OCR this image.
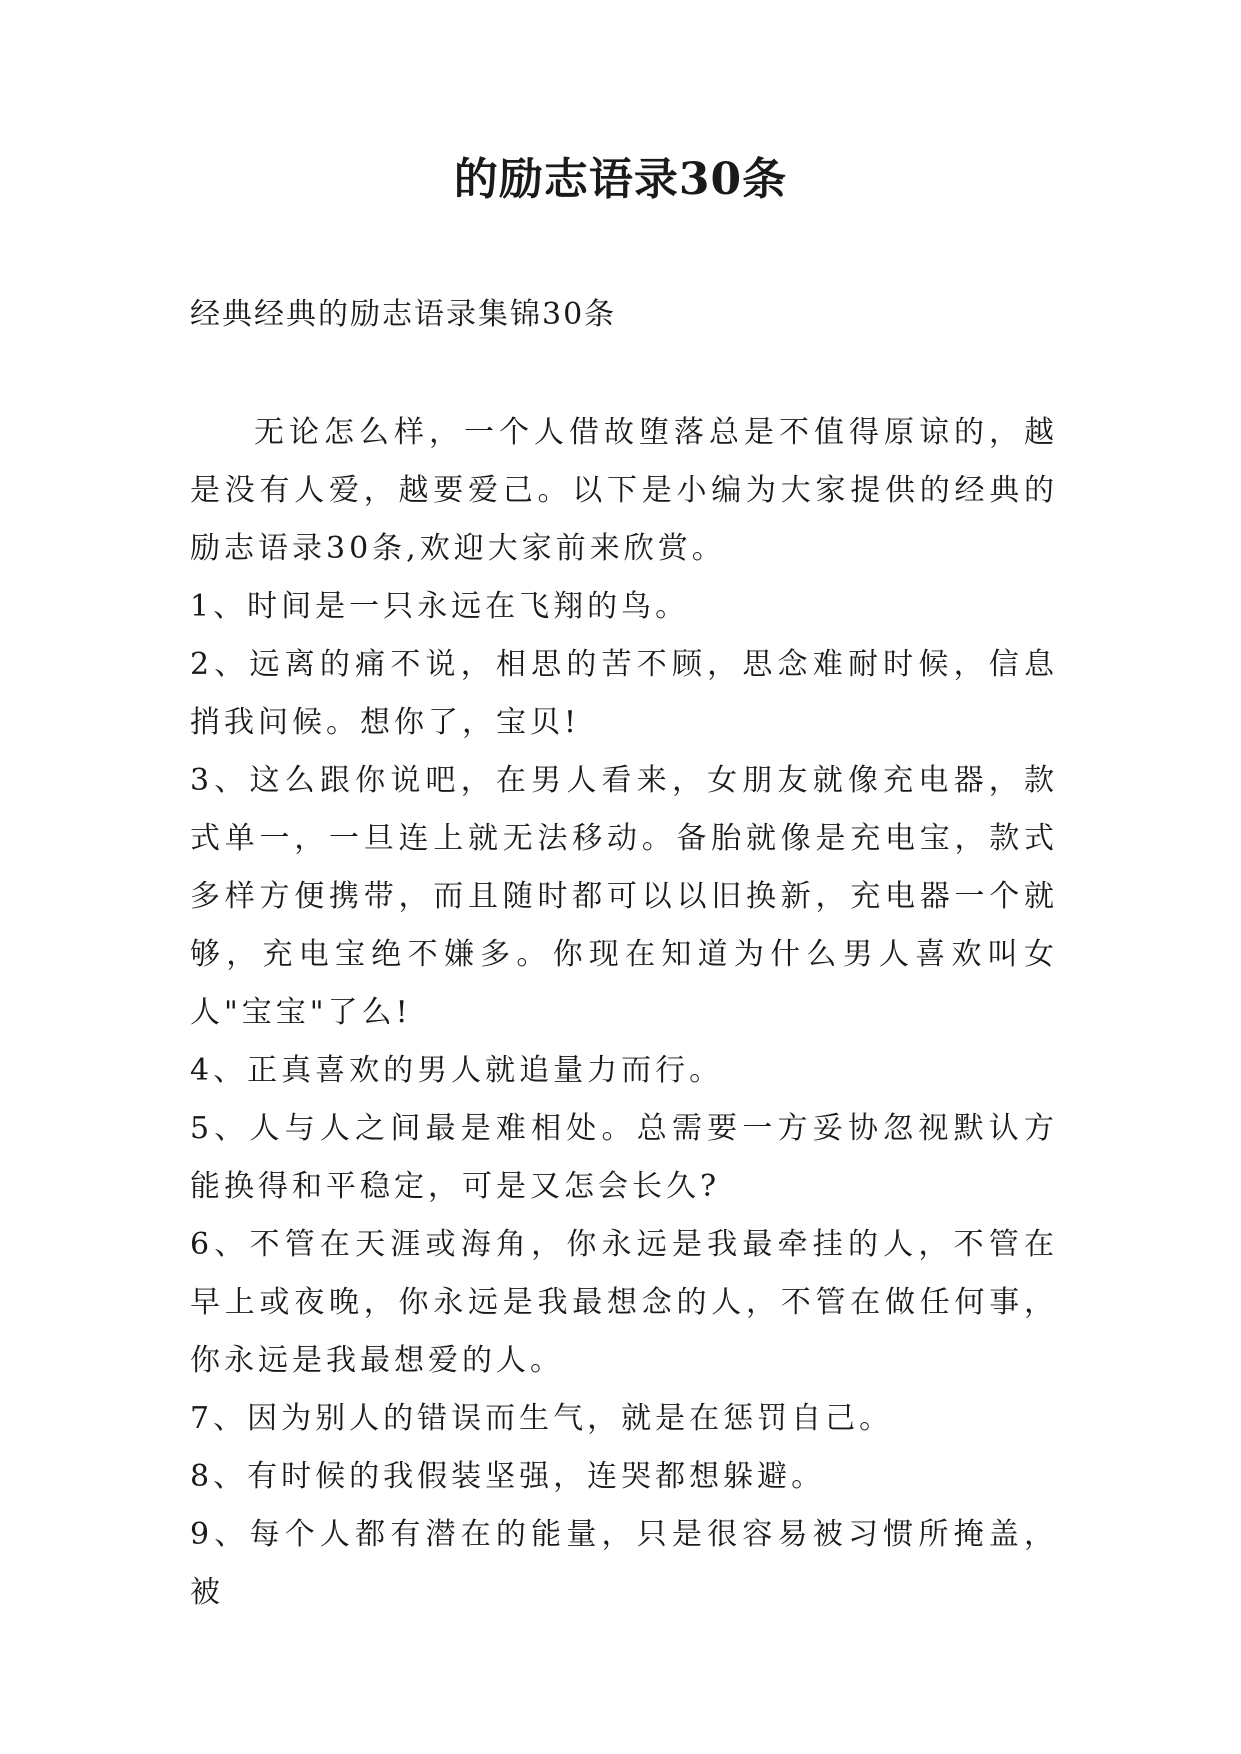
的励志语录30条

经典经典的励志语录集锦30条

无论怎么样，一个人借故堕落总是不值得原谅的，越是没有人爱，越要爱己。以下是小编为大家提供的经典的励志语录30条,欢迎大家前来欣赏。

1、时间是一只永远在飞翔的鸟。

2、远离的痛不说，相思的苦不顾，思念难耐时候，信息捎我问候。想你了，宝贝!

3、这么跟你说吧，在男人看来，女朋友就像充电器，款式单一，一旦连上就无法移动。备胎就像是充电宝，款式多样方便携带，而且随时都可以以旧换新，充电器一个就够，充电宝绝不嫌多。你现在知道为什么男人喜欢叫女人"宝宝"了么!

4、正真喜欢的男人就追量力而行。

5、人与人之间最是难相处。总需要一方妥协忽视默认方能换得和平稳定，可是又怎会长久?

6、不管在天涯或海角，你永远是我最牵挂的人，不管在早上或夜晚，你永远是我最想念的人，不管在做任何事，你永远是我最想爱的人。

7、因为别人的错误而生气，就是在惩罚自己。

8、有时候的我假装坚强，连哭都想躲避。

9、每个人都有潜在的能量，只是很容易被习惯所掩盖，被
